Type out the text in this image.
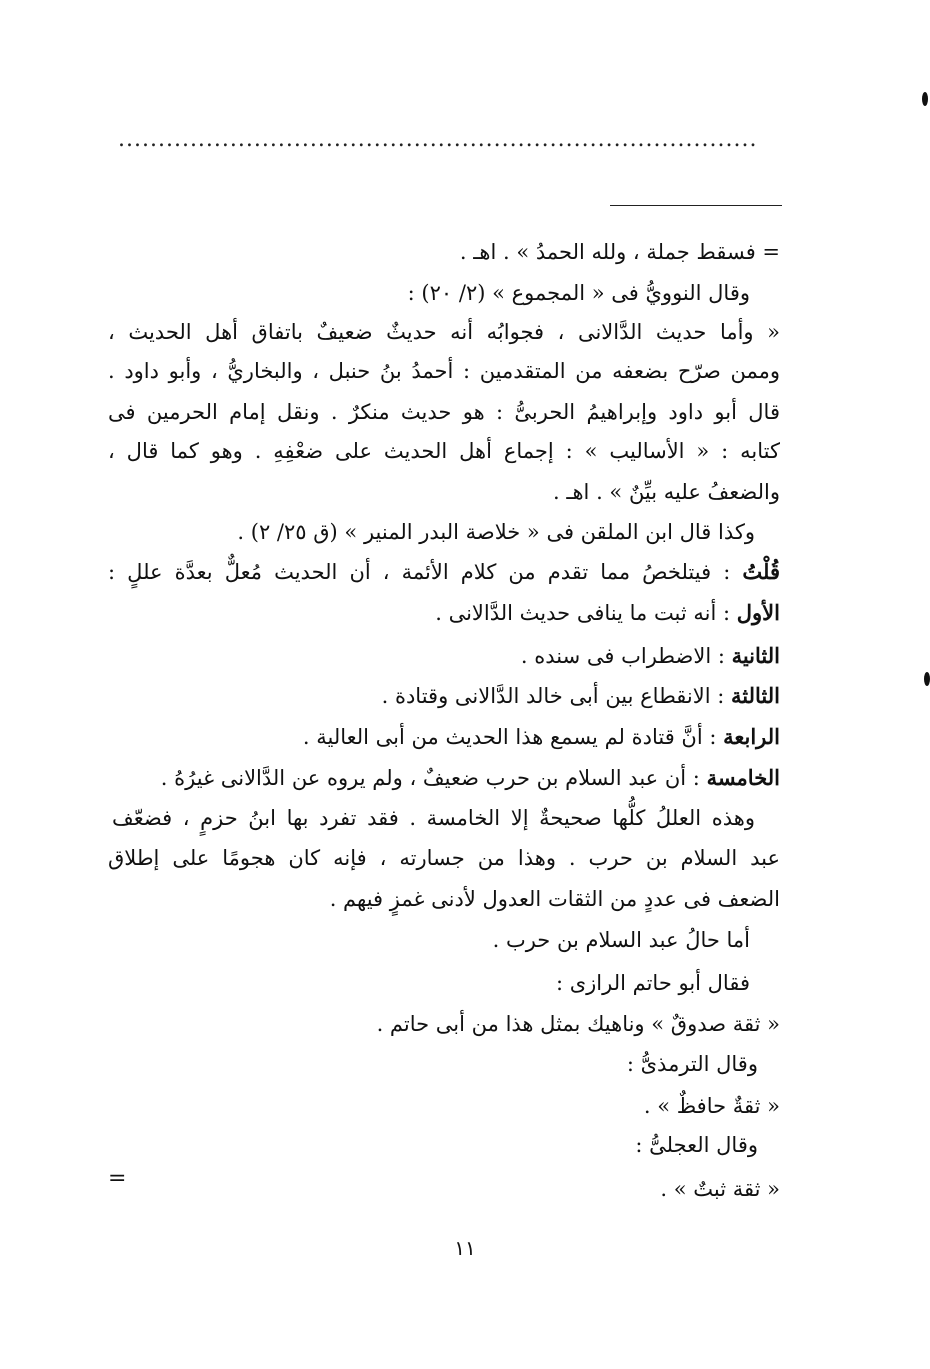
................................................................................
= فسقط جملة ، ولله الحمدُ » . اهـ .
وقال النوويُّ فى « المجموع » (٢/ ٢٠) :
« وأما حديث الدَّالانى ، فجوابُه أنه حديثٌ ضعيفٌ باتفاق أهل الحديث ،
وممن صرّح بضعفه من المتقدمين : أحمدُ بنُ حنبل ، والبخاريُّ ، وأبو داود .
قال أبو داود وإبراهيمُ الحربىُّ : هو حديث منكرٌ . ونقل إمام الحرمين فى
كتابه : « الأساليب » : إجماع أهل الحديث على ضعْفِهِ . وهو كما قال ،
والضعفُ عليه بيِّنٌ » . اهـ .
وكذا قال ابن الملقن فى « خلاصة البدر المنير » (ق ٢٥/ ٢) .
قُلْتُ : فيتلخصُ مما تقدم من كلام الأئمة ، أن الحديث مُعلٌّ بعدَّة عللٍ :
الأول : أنه ثبت ما ينافى حديث الدَّالانى .
الثانية : الاضطراب فى سنده .
الثالثة : الانقطاع بين أبى خالد الدَّالانى وقتادة .
الرابعة : أنَّ قتادة لم يسمع هذا الحديث من أبى العالية .
الخامسة : أن عبد السلام بن حرب ضعيفٌ ، ولم يروه عن الدَّالانى غيرُهُ .
وهذه العللُ كلُّها صحيحةٌ إلا الخامسة . فقد تفرد بها ابنُ حزمٍ ، فضعّف
عبد السلام بن حرب . وهذا من جسارته ، فإنه كان هجومًا على إطلاق
الضعف فى عددٍ من الثقات العدول لأدنى غمزٍ فيهم .
أما حالُ عبد السلام بن حرب .
فقال أبو حاتم الرازى :
« ثقة صدوقٌ » وناهيك بمثل هذا من أبى حاتم .
وقال الترمذىُّ :
« ثقةٌ حافظٌ » .
وقال العجلىُّ :
« ثقة ثبتٌ » .
=
١١
